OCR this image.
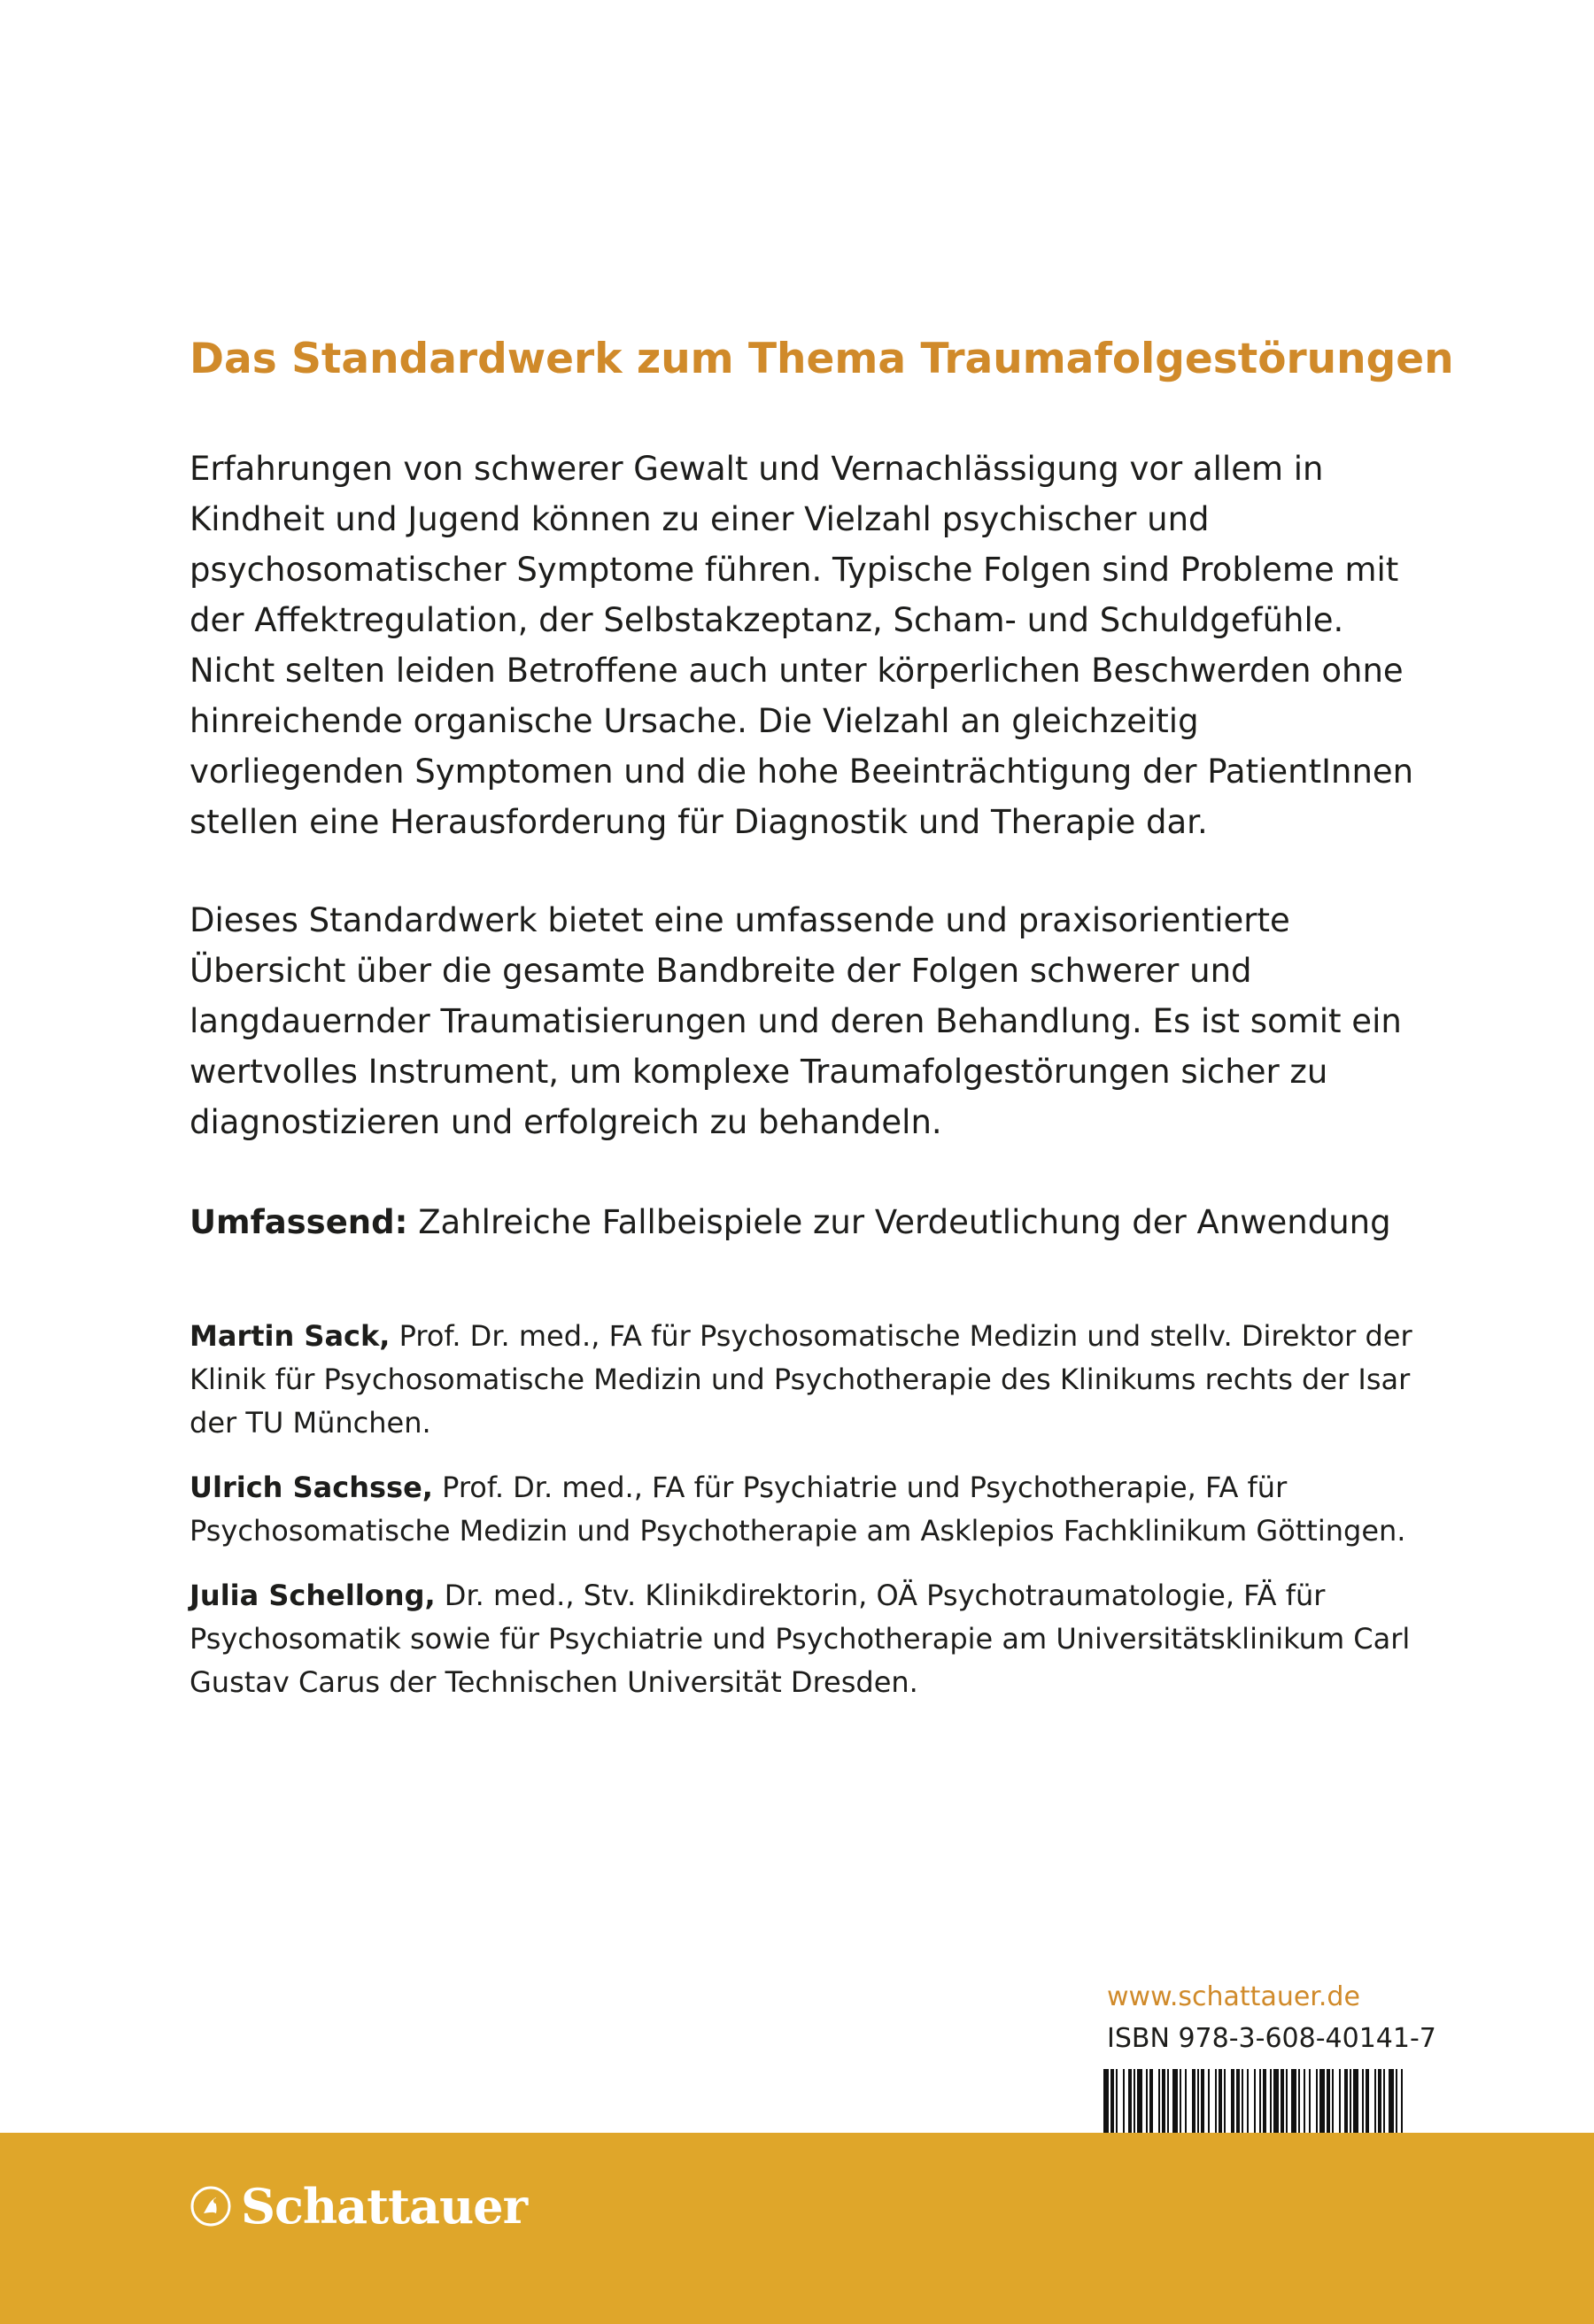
Das Standardwerk zum Thema Traumafolgestörungen

Erfahrungen von schwerer Gewalt und Vernachlässigung vor allem in Kindheit und Jugend können zu einer Vielzahl psychischer und psychosomatischer Symptome führen. Typische Folgen sind Probleme mit der Affektregulation, der Selbstakzeptanz, Scham- und Schuldgefühle. Nicht selten leiden Betroffene auch unter körperlichen Beschwerden ohne hinreichende organische Ursache. Die Vielzahl an gleichzeitig vorliegenden Symptomen und die hohe Beeinträchtigung der PatientInnen stellen eine Herausforderung für Diagnostik und Therapie dar.

Dieses Standardwerk bietet eine umfassende und praxisorientierte Übersicht über die gesamte Bandbreite der Folgen schwerer und langdauernder Traumatisierungen und deren Behandlung. Es ist somit ein wertvolles Instrument, um komplexe Traumafolgestörungen sicher zu diagnostizieren und erfolgreich zu behandeln.

Umfassend: Zahlreiche Fallbeispiele zur Verdeutlichung der Anwendung

Martin Sack, Prof. Dr. med., FA für Psychosomatische Medizin und stellv. Direktor der Klinik für Psychosomatische Medizin und Psychotherapie des Klinikums rechts der Isar der TU München.

Ulrich Sachsse, Prof. Dr. med., FA für Psychiatrie und Psychotherapie, FA für Psychosomatische Medizin und Psychotherapie am Asklepios Fachklinikum Göttingen.

Julia Schellong, Dr. med., Stv. Klinikdirektorin, OÄ Psychotraumatologie, FÄ für Psychosomatik sowie für Psychiatrie und Psychotherapie am Universitätsklinikum Carl Gustav Carus der Technischen Universität Dresden.

www.schattauer.de
ISBN 978-3-608-40141-7
Schattauer
